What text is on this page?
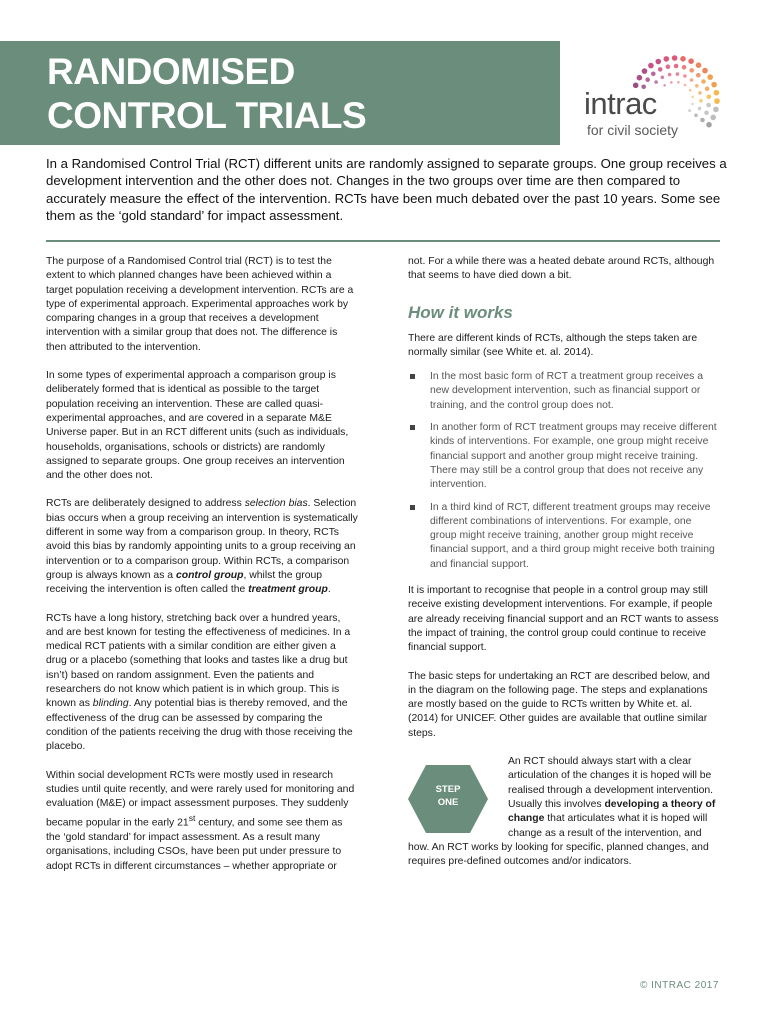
RANDOMISED
CONTROL TRIALS	intrac
for civil society
In a Randomised Control Trial (RCT) different units are randomly assigned to separate groups. One group receives a development intervention and the other does not. Changes in the two groups over time are then compared to accurately measure the effect of the intervention. RCTs have been much debated over the past 10 years. Some see them as the ‘gold standard’ for impact assessment.

The purpose of a Randomised Control trial (RCT) is to test the extent to which planned changes have been achieved within a target population receiving a development intervention. RCTs are a type of experimental approach. Experimental approaches work by comparing changes in a group that receives a development intervention with a similar group that does not. The difference is then attributed to the intervention.

In some types of experimental approach a comparison group is deliberately formed that is identical as possible to the target population receiving an intervention. These are called quasi-experimental approaches, and are covered in a separate M&E Universe paper. But in an RCT different units (such as individuals, households, organisations, schools or districts) are randomly assigned to separate groups. One group receives an intervention and the other does not.

RCTs are deliberately designed to address selection bias. Selection bias occurs when a group receiving an intervention is systematically different in some way from a comparison group. In theory, RCTs avoid this bias by randomly appointing units to a group receiving an intervention or to a comparison group. Within RCTs, a comparison group is always known as a control group, whilst the group receiving the intervention is often called the treatment group.

RCTs have a long history, stretching back over a hundred years, and are best known for testing the effectiveness of medicines. In a medical RCT patients with a similar condition are either given a drug or a placebo (something that looks and tastes like a drug but isn’t) based on random assignment. Even the patients and researchers do not know which patient is in which group. This is known as blinding. Any potential bias is thereby removed, and the effectiveness of the drug can be assessed by comparing the condition of the patients receiving the drug with those receiving the placebo.

Within social development RCTs were mostly used in research studies until quite recently, and were rarely used for monitoring and evaluation (M&E) or impact assessment purposes. They suddenly became popular in the early 21st century, and some see them as the ‘gold standard’ for impact assessment. As a result many organisations, including CSOs, have been put under pressure to adopt RCTs in different circumstances – whether appropriate or

not. For a while there was a heated debate around RCTs, although that seems to have died down a bit.

How it works

There are different kinds of RCTs, although the steps taken are normally similar (see White et. al. 2014).

In the most basic form of RCT a treatment group receives a new development intervention, such as financial support or training, and the control group does not.
In another form of RCT treatment groups may receive different kinds of interventions. For example, one group might receive financial support and another group might receive training. There may still be a control group that does not receive any intervention.
In a third kind of RCT, different treatment groups may receive different combinations of interventions. For example, one group might receive training, another group might receive financial support, and a third group might receive both training and financial support.

It is important to recognise that people in a control group may still receive existing development interventions. For example, if people are already receiving financial support and an RCT wants to assess the impact of training, the control group could continue to receive financial support.

The basic steps for undertaking an RCT are described below, and in the diagram on the following page. The steps and explanations are mostly based on the guide to RCTs written by White et. al. (2014) for UNICEF. Other guides are available that outline similar steps.

STEP
ONE

An RCT should always start with a clear articulation of the changes it is hoped will be realised through a development intervention. Usually this involves developing a theory of change that articulates what it is hoped will change as a result of the intervention, and how. An RCT works by looking for specific, planned changes, and requires pre-defined outcomes and/or indicators.

© INTRAC 2017
